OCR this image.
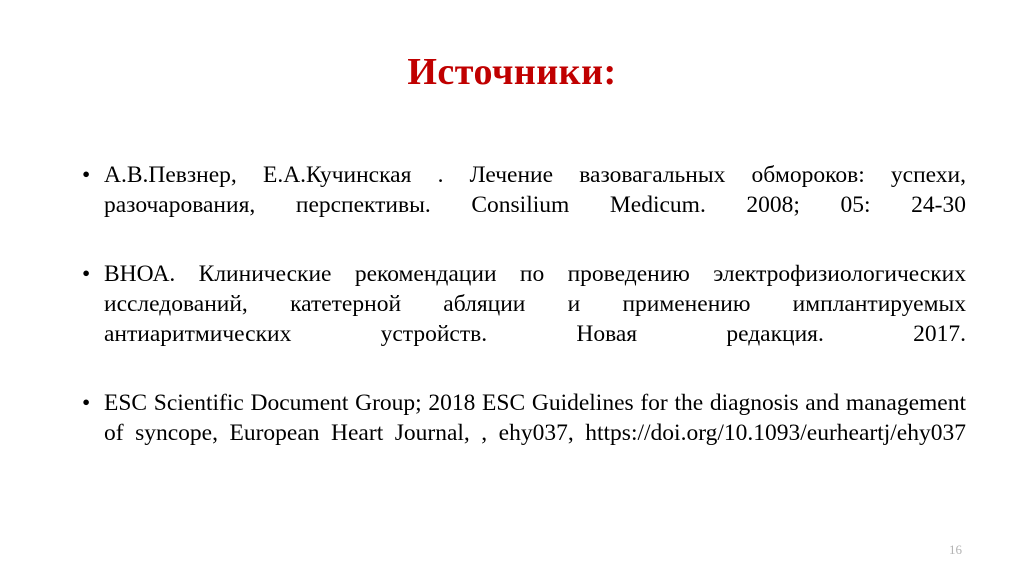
Источники:
• А.В.Певзнер, Е.А.Кучинская . Лечение вазовагальных обмороков: успехи, разочарования, перспективы. Consilium Medicum. 2008; 05: 24-30
• ВНОА. Клинические рекомендации по проведению электрофизиологических исследований, катетерной абляции и применению имплантируемых антиаритмических устройств. Новая редакция. 2017.
• ESC Scientific Document Group; 2018 ESC Guidelines for the diagnosis and management of syncope, European Heart Journal, , ehy037, https://doi.org/10.1093/eurheartj/ehy037
16
